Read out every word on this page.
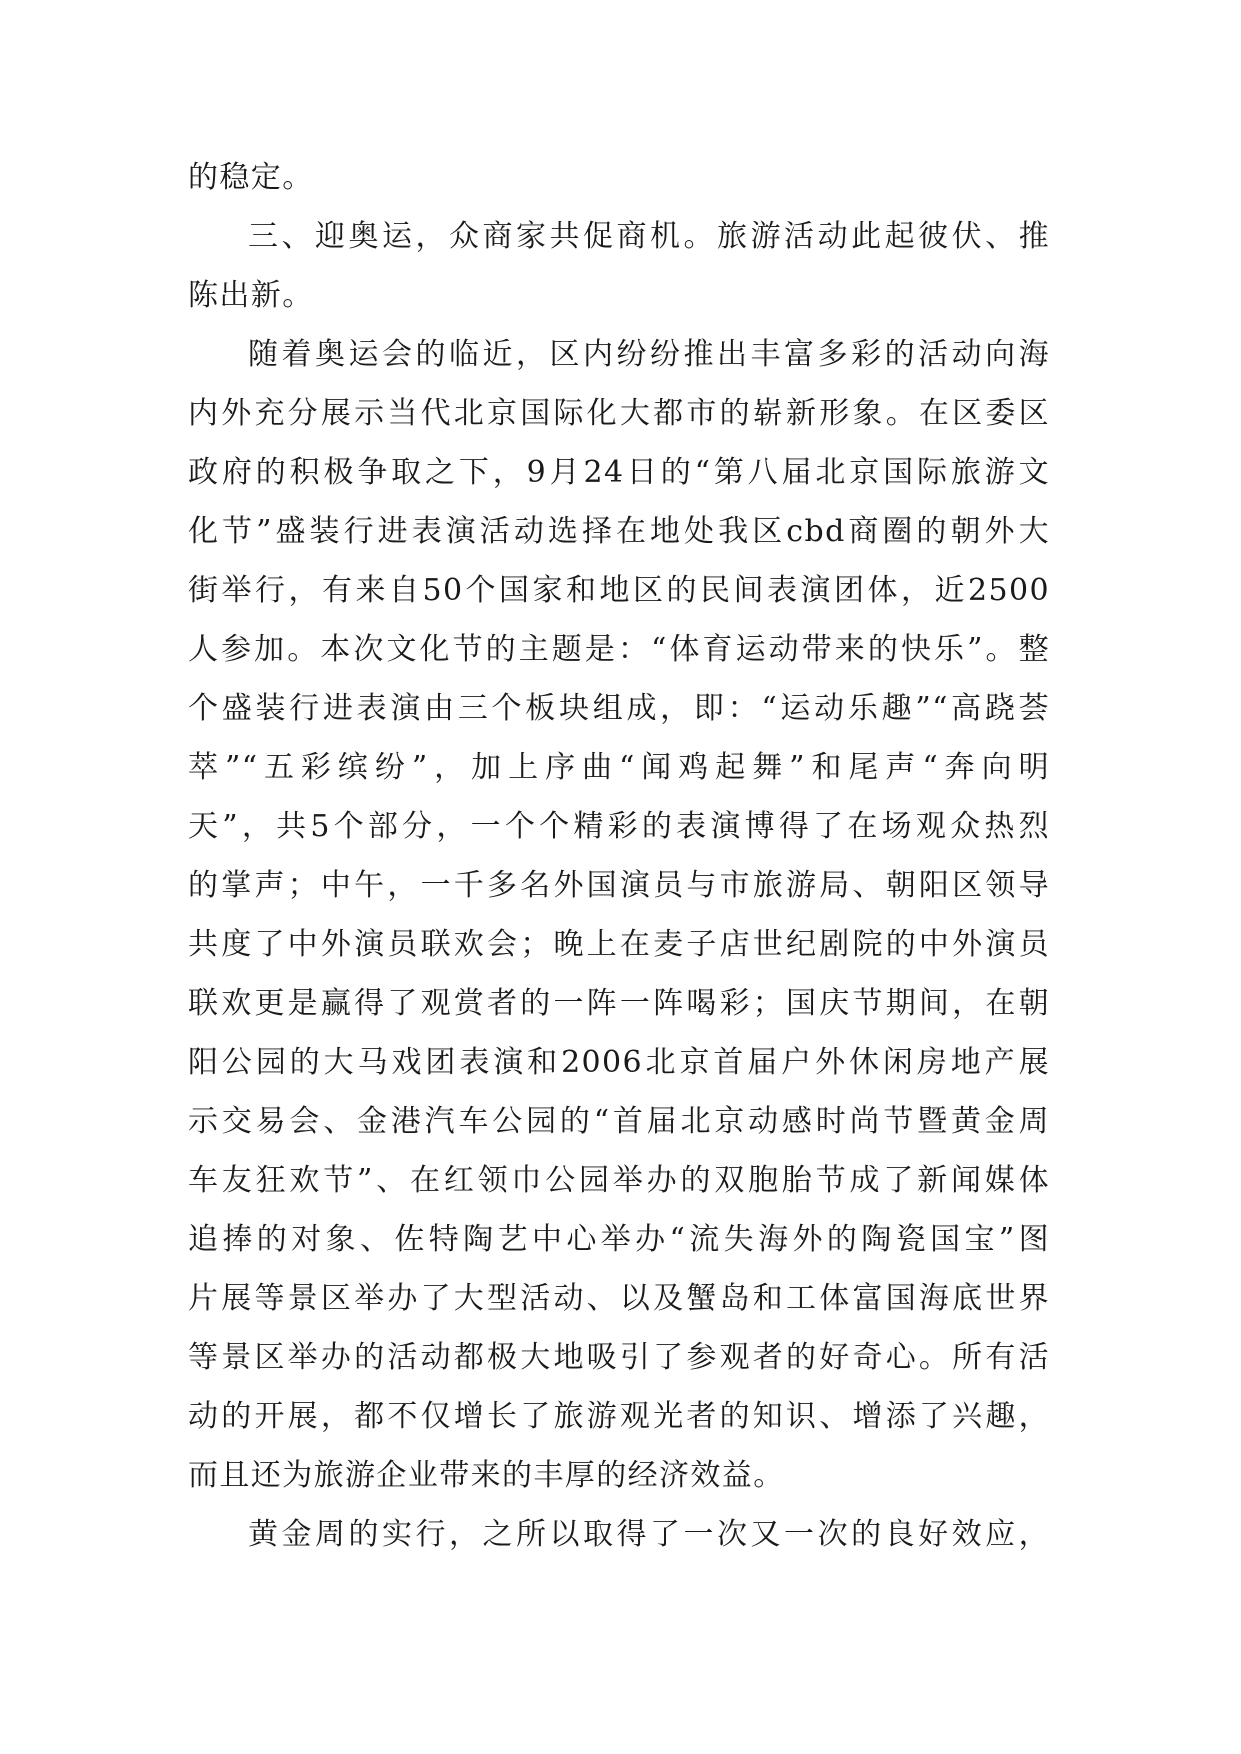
的稳定。
三、迎奥运，众商家共促商机。旅游活动此起彼伏、推
陈出新。
随着奥运会的临近，区内纷纷推出丰富多彩的活动向海
内外充分展示当代北京国际化大都市的崭新形象。在区委区
政府的积极争取之下，9月24日的“第八届北京国际旅游文
化节”盛装行进表演活动选择在地处我区cbd商圈的朝外大
街举行，有来自50个国家和地区的民间表演团体，近2500
人参加。本次文化节的主题是：“体育运动带来的快乐”。整
个盛装行进表演由三个板块组成，即：“运动乐趣”“高跷荟
萃”“五彩缤纷”，加上序曲“闻鸡起舞”和尾声“奔向明
天”，共5个部分，一个个精彩的表演博得了在场观众热烈
的掌声；中午，一千多名外国演员与市旅游局、朝阳区领导
共度了中外演员联欢会；晚上在麦子店世纪剧院的中外演员
联欢更是赢得了观赏者的一阵一阵喝彩；国庆节期间，在朝
阳公园的大马戏团表演和2006北京首届户外休闲房地产展
示交易会、金港汽车公园的“首届北京动感时尚节暨黄金周
车友狂欢节”、在红领巾公园举办的双胞胎节成了新闻媒体
追捧的对象、佐特陶艺中心举办“流失海外的陶瓷国宝”图
片展等景区举办了大型活动、以及蟹岛和工体富国海底世界
等景区举办的活动都极大地吸引了参观者的好奇心。所有活
动的开展，都不仅增长了旅游观光者的知识、增添了兴趣，
而且还为旅游企业带来的丰厚的经济效益。
黄金周的实行，之所以取得了一次又一次的良好效应，
